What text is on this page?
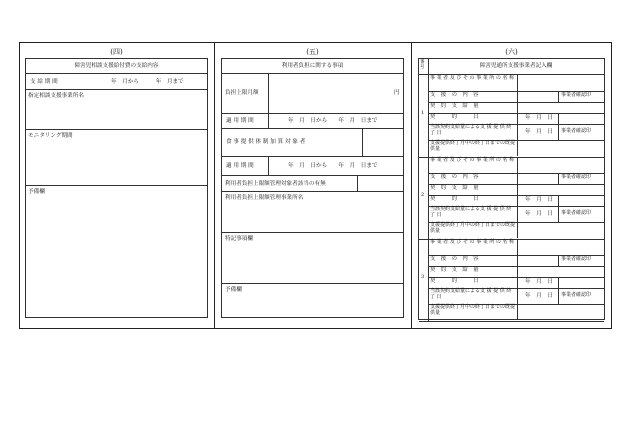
(四)
障害児相談支援給付費の支給内容
支 給 期 間	年　月から　　　年　月まで
指定相談支援事業所名
モニタリング期間
予備欄
(五)
利用者負担に関する事項
負担上限月額	円
適 用 期 間	年　月　日から　　年　月　日まで
食 事 提 供 体 制 加 算 対 象 者
適 用 期 間	年　月　日から　　年　月　日まで
利用者負担上限額管理対象者該当の有無
利用者負担上限額管理事業所名
特記事項欄
予備欄
(六)
番号	障害児通所支援事業者記入欄
1
事 業 者 及 び そ の 事 業 所 の 名 称
支　援　の　内　容	事業者確認印
契　約　支　給　量
契　　　約　　　日	年　月　日
当該契約支給量による支 援 提 供 終 了 日	年　月　日 事業者確認印
支援提供終了月中の終了日までの既提供量
2
事 業 者 及 び そ の 事 業 所 の 名 称
支　援　の　内　容	事業者確認印
契　約　支　給　量
契　　　約　　　日	年　月　日
当該契約支給量による支 援 提 供 終 了 日	年　月　日 事業者確認印
支援提供終了月中の終了日までの既提供量
3
事 業 者 及 び そ の 事 業 所 の 名 称
支　援　の　内　容	事業者確認印
契　約　支　給　量
契　　　約　　　日	年　月　日
当該契約支給量による支 援 提 供 終 了 日	年　月　日 事業者確認印
支援提供終了月中の終了日までの既提供量
